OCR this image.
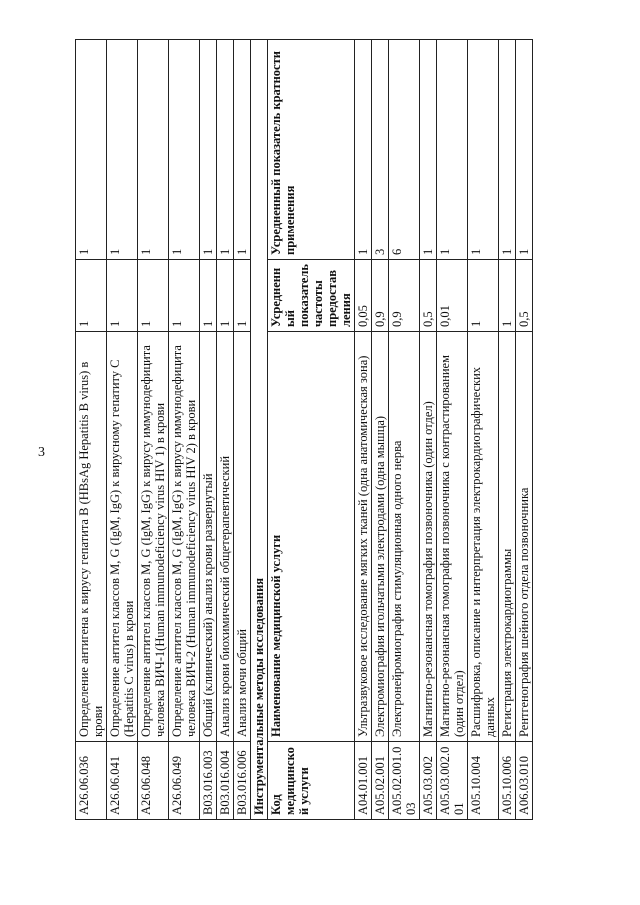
3
A26.06.036	Определение антигена к вирусу гепатита B (HBsAg Hepatitis B virus) в крови	1	1
A26.06.041	Определение антител классов M, G (IgM, IgG) к вирусному гепатиту C (Hepatitis C virus) в крови	1	1
A26.06.048	Определение антител классов M, G (IgM, IgG) к вирусу иммунодефицита человека ВИЧ-1(Human immunodeficiency virus HIV 1) в крови	1	1
A26.06.049	Определение антител классов M, G (IgM, IgG) к вирусу иммунодефицита человека ВИЧ-2 (Human immunodeficiency virus HIV 2) в крови	1	1
B03.016.003	Общий (клинический) анализ крови развернутый	1	1
B03.016.004	Анализ крови биохимический общетерапевтический	1	1
B03.016.006	Анализ мочи общий	1	1
Инструментальные методы исследования			
Код медицинской услуги	Наименование медицинской услуги	Усредненный показатель частоты предоставления	Усредненный показатель кратности применения
A04.01.001	Ультразвуковое исследование мягких тканей (одна анатомическая зона)	0,05	1
A05.02.001	Электромиография игольчатыми электродами (одна мышца)	0,9	3
A05.02.001.003	Электронейромиография стимуляционная одного нерва	0,9	6
A05.03.002	Магнитно-резонансная томография позвоночника (один отдел)	0,5	1
A05.03.002.001	Магнитно-резонансная томография позвоночника с контрастированием (один отдел)	0,01	1
A05.10.004	Расшифровка, описание и интерпретация электрокардиографических данных	1	1
A05.10.006	Регистрация электрокардиограммы	1	1
A06.03.010	Рентгенография шейного отдела позвоночника	0,5	1
